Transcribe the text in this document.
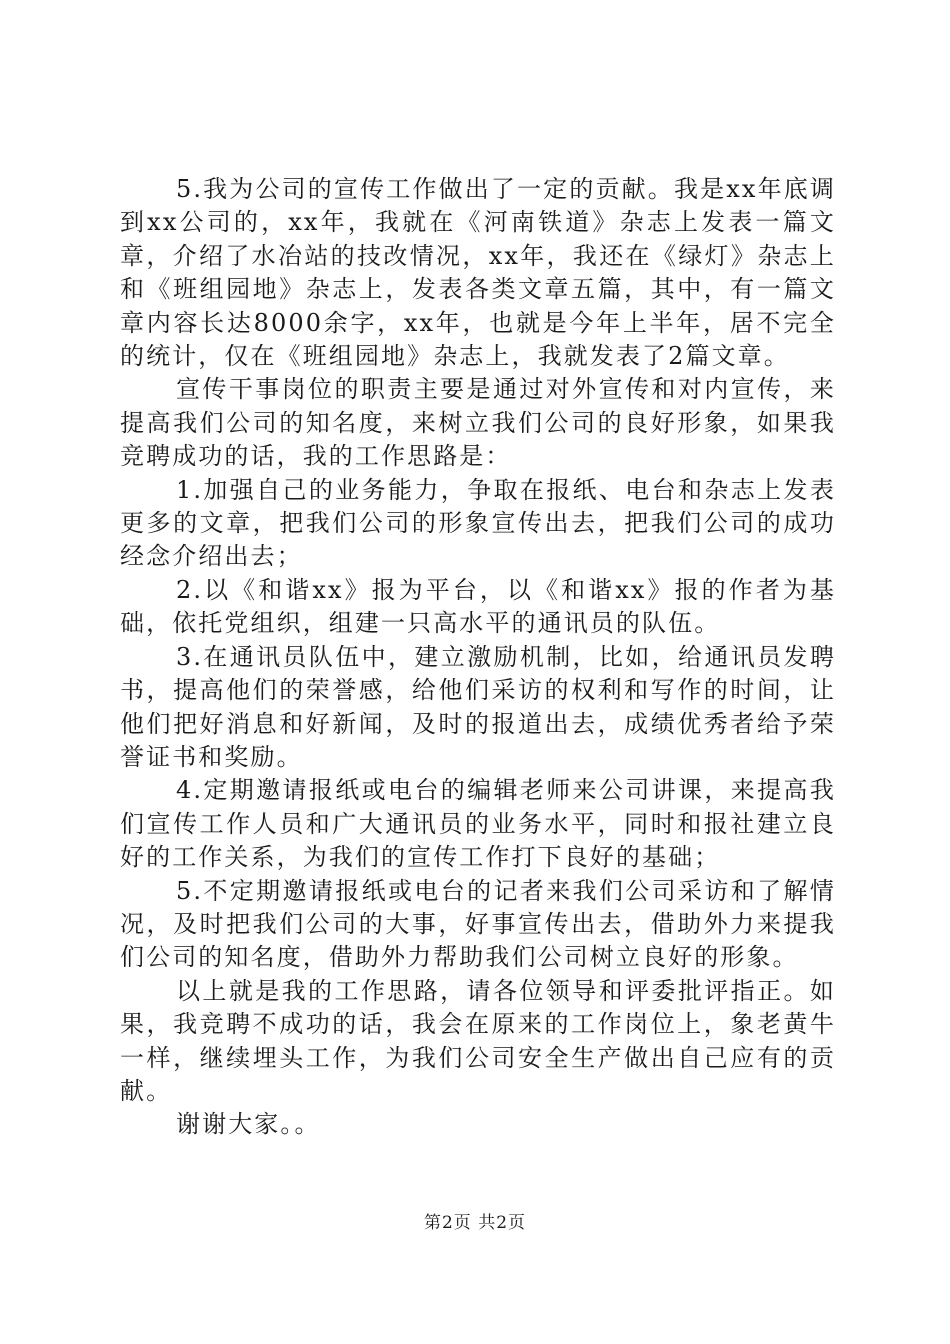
5.我为公司的宣传工作做出了一定的贡献。我是xx年底调到xx公司的，xx年，我就在《河南铁道》杂志上发表一篇文章，介绍了水冶站的技改情况，xx年，我还在《绿灯》杂志上和《班组园地》杂志上，发表各类文章五篇，其中，有一篇文章内容长达8000余字，xx年，也就是今年上半年，居不完全的统计，仅在《班组园地》杂志上，我就发表了2篇文章。

宣传干事岗位的职责主要是通过对外宣传和对内宣传，来提高我们公司的知名度，来树立我们公司的良好形象，如果我竞聘成功的话，我的工作思路是：

1.加强自己的业务能力，争取在报纸、电台和杂志上发表更多的文章，把我们公司的形象宣传出去，把我们公司的成功经念介绍出去；

2.以《和谐xx》报为平台，以《和谐xx》报的作者为基础，依托党组织，组建一只高水平的通讯员的队伍。

3.在通讯员队伍中，建立激励机制，比如，给通讯员发聘书，提高他们的荣誉感，给他们采访的权利和写作的时间，让他们把好消息和好新闻，及时的报道出去，成绩优秀者给予荣誉证书和奖励。

4.定期邀请报纸或电台的编辑老师来公司讲课，来提高我们宣传工作人员和广大通讯员的业务水平，同时和报社建立良好的工作关系，为我们的宣传工作打下良好的基础；

5.不定期邀请报纸或电台的记者来我们公司采访和了解情况，及时把我们公司的大事，好事宣传出去，借助外力来提我们公司的知名度，借助外力帮助我们公司树立良好的形象。

以上就是我的工作思路，请各位领导和评委批评指正。如果，我竞聘不成功的话，我会在原来的工作岗位上，象老黄牛一样，继续埋头工作，为我们公司安全生产做出自己应有的贡献。

谢谢大家。。

第2页 共2页
